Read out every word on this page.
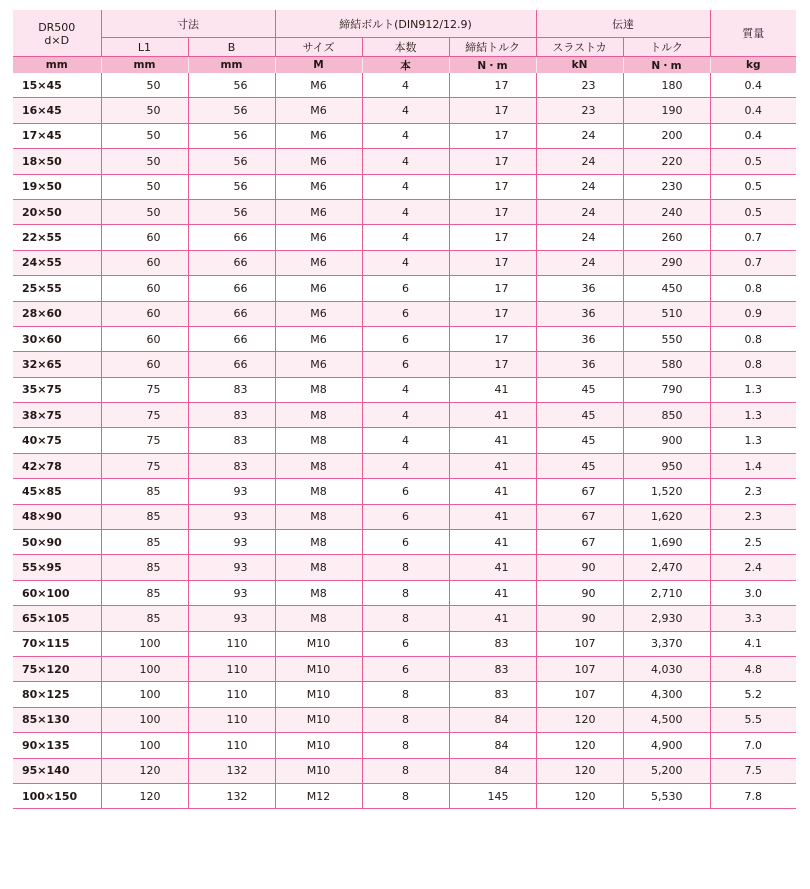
DR500
d×D	寸法		締結ボルト(DIN912/12.9)			伝達		質量
	L1	B	サイズ	本数	締結トルク	スラストカ	トルク	
mm	mm	mm	M	本	N・m	kN	N・m	kg
15×45	50	56	M6	4	17	23	180	0.4
16×45	50	56	M6	4	17	23	190	0.4
17×45	50	56	M6	4	17	24	200	0.4
18×50	50	56	M6	4	17	24	220	0.5
19×50	50	56	M6	4	17	24	230	0.5
20×50	50	56	M6	4	17	24	240	0.5
22×55	60	66	M6	4	17	24	260	0.7
24×55	60	66	M6	4	17	24	290	0.7
25×55	60	66	M6	6	17	36	450	0.8
28×60	60	66	M6	6	17	36	510	0.9
30×60	60	66	M6	6	17	36	550	0.8
32×65	60	66	M6	6	17	36	580	0.8
35×75	75	83	M8	4	41	45	790	1.3
38×75	75	83	M8	4	41	45	850	1.3
40×75	75	83	M8	4	41	45	900	1.3
42×78	75	83	M8	4	41	45	950	1.4
45×85	85	93	M8	6	41	67	1,520	2.3
48×90	85	93	M8	6	41	67	1,620	2.3
50×90	85	93	M8	6	41	67	1,690	2.5
55×95	85	93	M8	8	41	90	2,470	2.4
60×100	85	93	M8	8	41	90	2,710	3.0
65×105	85	93	M8	8	41	90	2,930	3.3
70×115	100	110	M10	6	83	107	3,370	4.1
75×120	100	110	M10	6	83	107	4,030	4.8
80×125	100	110	M10	8	83	107	4,300	5.2
85×130	100	110	M10	8	84	120	4,500	5.5
90×135	100	110	M10	8	84	120	4,900	7.0
95×140	120	132	M10	8	84	120	5,200	7.5
100×150	120	132	M12	8	145	120	5,530	7.8
